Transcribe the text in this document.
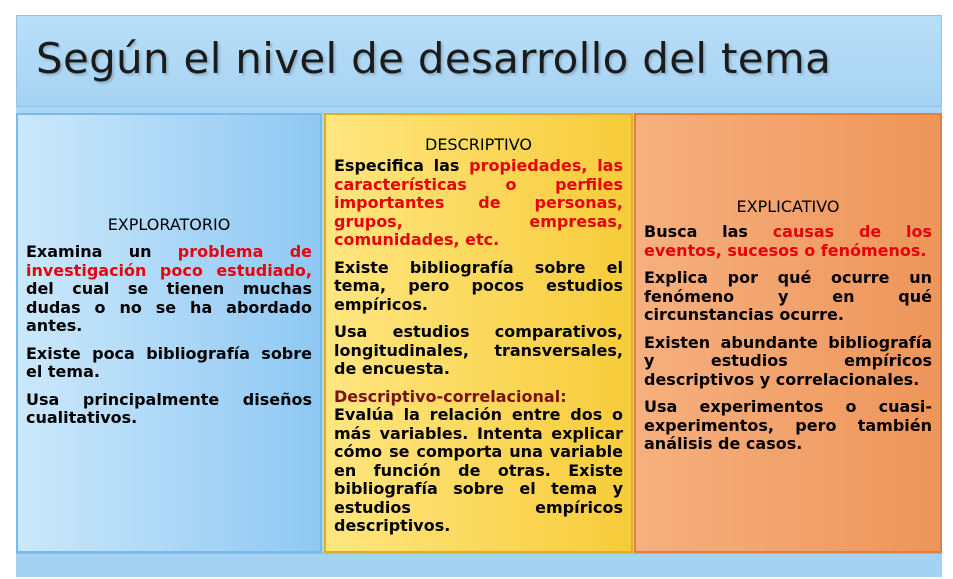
Según el nivel de desarrollo del tema
EXPLORATORIO

Examina un problema de investigación poco estudiado, del cual se tienen muchas dudas o no se ha abordado antes.

Existe poca bibliografía sobre el tema.

Usa principalmente diseños cualitativos.

DESCRIPTIVO

Especifica las propiedades, las características o perfiles importantes de personas, grupos, empresas, comunidades, etc.

Existe bibliografía sobre el tema, pero pocos estudios empíricos.

Usa estudios comparativos, longitudinales, transversales, de encuesta.

Descriptivo-correlacional:

Evalúa la relación entre dos o más variables. Intenta explicar cómo se comporta una variable en función de otras. Existe bibliografía sobre el tema y estudios empíricos descriptivos.

EXPLICATIVO

Busca las causas de los eventos, sucesos o fenómenos.

Explica por qué ocurre un fenómeno y en qué circunstancias ocurre.

Existen abundante bibliografía y estudios empíricos descriptivos y correlacionales.

Usa experimentos o cuasi-experimentos, pero también análisis de casos.
